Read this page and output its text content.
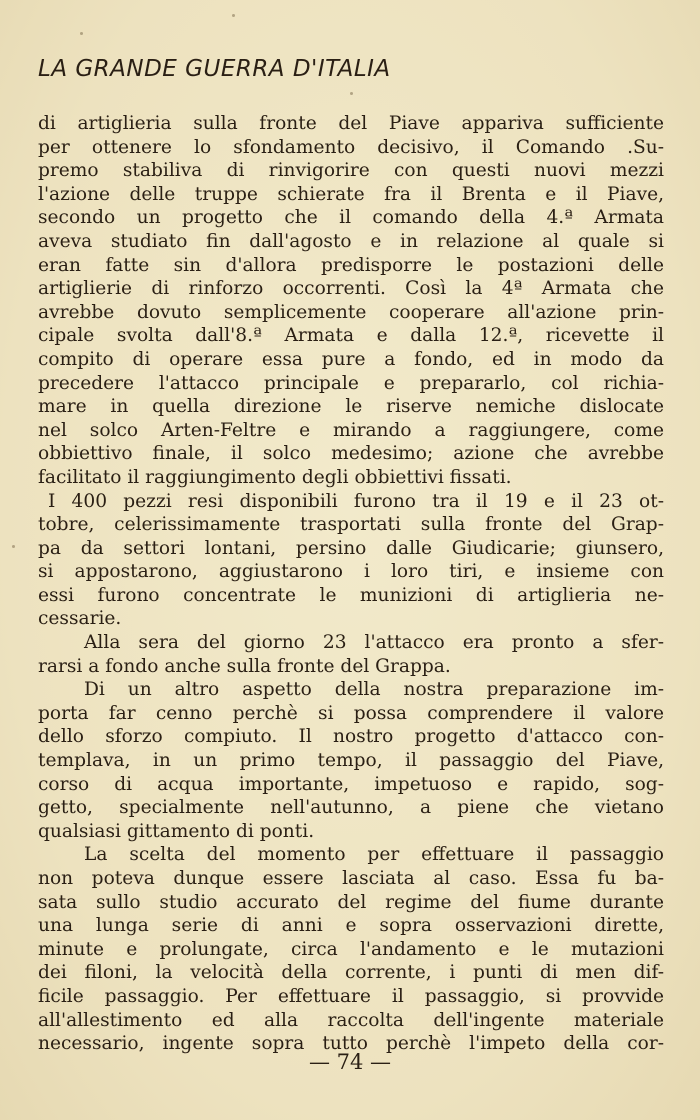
LA GRANDE GUERRA D'ITALIA
di artiglieria sulla fronte del Piave appariva sufficiente
per ottenere lo sfondamento decisivo, il Comando .Su-
premo stabiliva di rinvigorire con questi nuovi mezzi
l'azione delle truppe schierate fra il Brenta e il Piave,
secondo un progetto che il comando della 4.ª Armata
aveva studiato fin dall'agosto e in relazione al quale si
eran fatte sin d'allora predisporre le postazioni delle
artiglierie di rinforzo occorrenti. Così la 4ª Armata che
avrebbe dovuto semplicemente cooperare all'azione prin-
cipale svolta dall'8.ª Armata e dalla 12.ª, ricevette il
compito di operare essa pure a fondo, ed in modo da
precedere l'attacco principale e prepararlo, col richia-
mare in quella direzione le riserve nemiche dislocate
nel solco Arten-Feltre e mirando a raggiungere, come
obbiettivo finale, il solco medesimo; azione che avrebbe
facilitato il raggiungimento degli obbiettivi fissati.
I 400 pezzi resi disponibili furono tra il 19 e il 23 ot-
tobre, celerissimamente trasportati sulla fronte del Grap-
pa da settori lontani, persino dalle Giudicarie; giunsero,
si appostarono, aggiustarono i loro tiri, e insieme con
essi furono concentrate le munizioni di artiglieria ne-
cessarie.
Alla sera del giorno 23 l'attacco era pronto a sfer-
rarsi a fondo anche sulla fronte del Grappa.
Di un altro aspetto della nostra preparazione im-
porta far cenno perchè si possa comprendere il valore
dello sforzo compiuto. Il nostro progetto d'attacco con-
templava, in un primo tempo, il passaggio del Piave,
corso di acqua importante, impetuoso e rapido, sog-
getto, specialmente nell'autunno, a piene che vietano
qualsiasi gittamento di ponti.
La scelta del momento per effettuare il passaggio
non poteva dunque essere lasciata al caso. Essa fu ba-
sata sullo studio accurato del regime del fiume durante
una lunga serie di anni e sopra osservazioni dirette,
minute e prolungate, circa l'andamento e le mutazioni
dei filoni, la velocità della corrente, i punti di men dif-
ficile passaggio. Per effettuare il passaggio, si provvide
all'allestimento ed alla raccolta dell'ingente materiale
necessario, ingente sopra tutto perchè l'impeto della cor-
— 74 —
